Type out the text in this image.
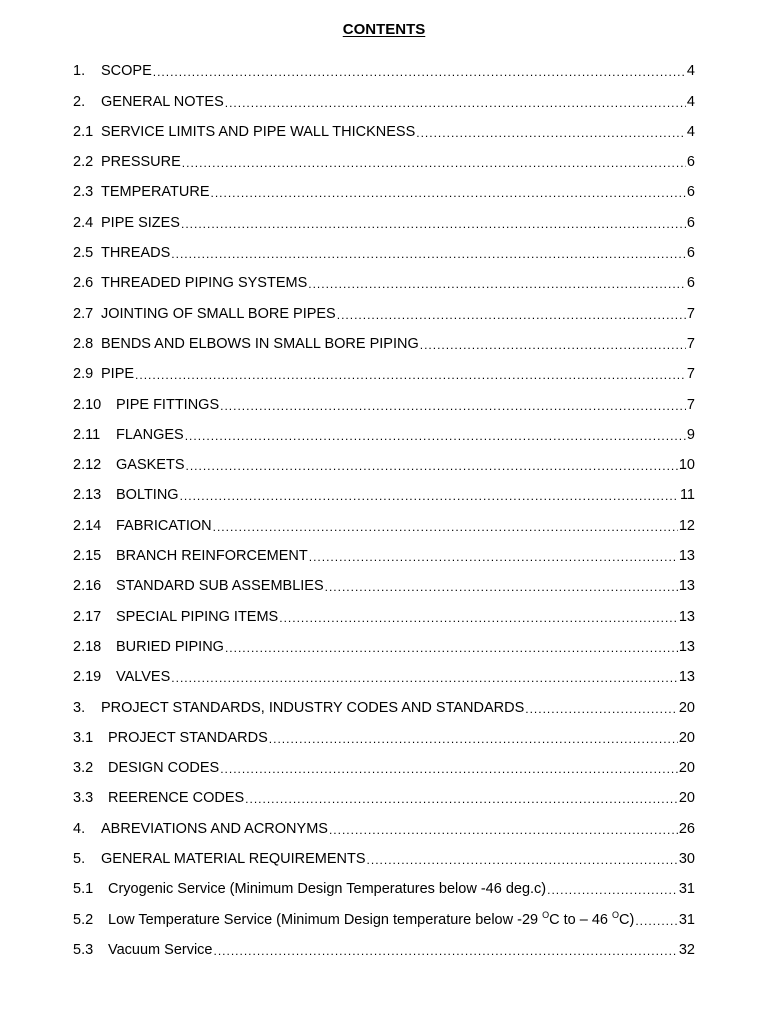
CONTENTS
1.	SCOPE .....	4
2.	GENERAL NOTES .....	4
2.1 SERVICE LIMITS AND PIPE WALL THICKNESS .....	4
2.2 PRESSURE .....	6
2.3 TEMPERATURE .....	6
2.4 PIPE SIZES .....	6
2.5 THREADS .....	6
2.6 THREADED PIPING SYSTEMS .....	6
2.7 JOINTING OF SMALL BORE PIPES .....	7
2.8 BENDS AND ELBOWS IN SMALL BORE PIPING .....	7
2.9 PIPE .....	7
2.10	PIPE FITTINGS .....	7
2.11	FLANGES .....	9
2.12	GASKETS .....	10
2.13	BOLTING .....	11
2.14	FABRICATION .....	12
2.15	BRANCH REINFORCEMENT .....	13
2.16	STANDARD SUB ASSEMBLIES .....	13
2.17	SPECIAL PIPING ITEMS .....	13
2.18	BURIED PIPING .....	13
2.19	VALVES .....	13
3.	PROJECT STANDARDS, INDUSTRY CODES AND STANDARDS .....	20
3.1	PROJECT STANDARDS .....	20
3.2	DESIGN CODES .....	20
3.3	REERENCE CODES .....	20
4.	ABREVIATIONS AND ACRONYMS .....	26
5.	GENERAL MATERIAL REQUIREMENTS .....	30
5.1	Cryogenic Service (Minimum Design Temperatures below -46 deg.c) .....	31
5.2	Low Temperature Service (Minimum Design temperature below -29 $^O$C to – 46 $^O$C) .....	31
5.3	Vacuum Service .....	32
